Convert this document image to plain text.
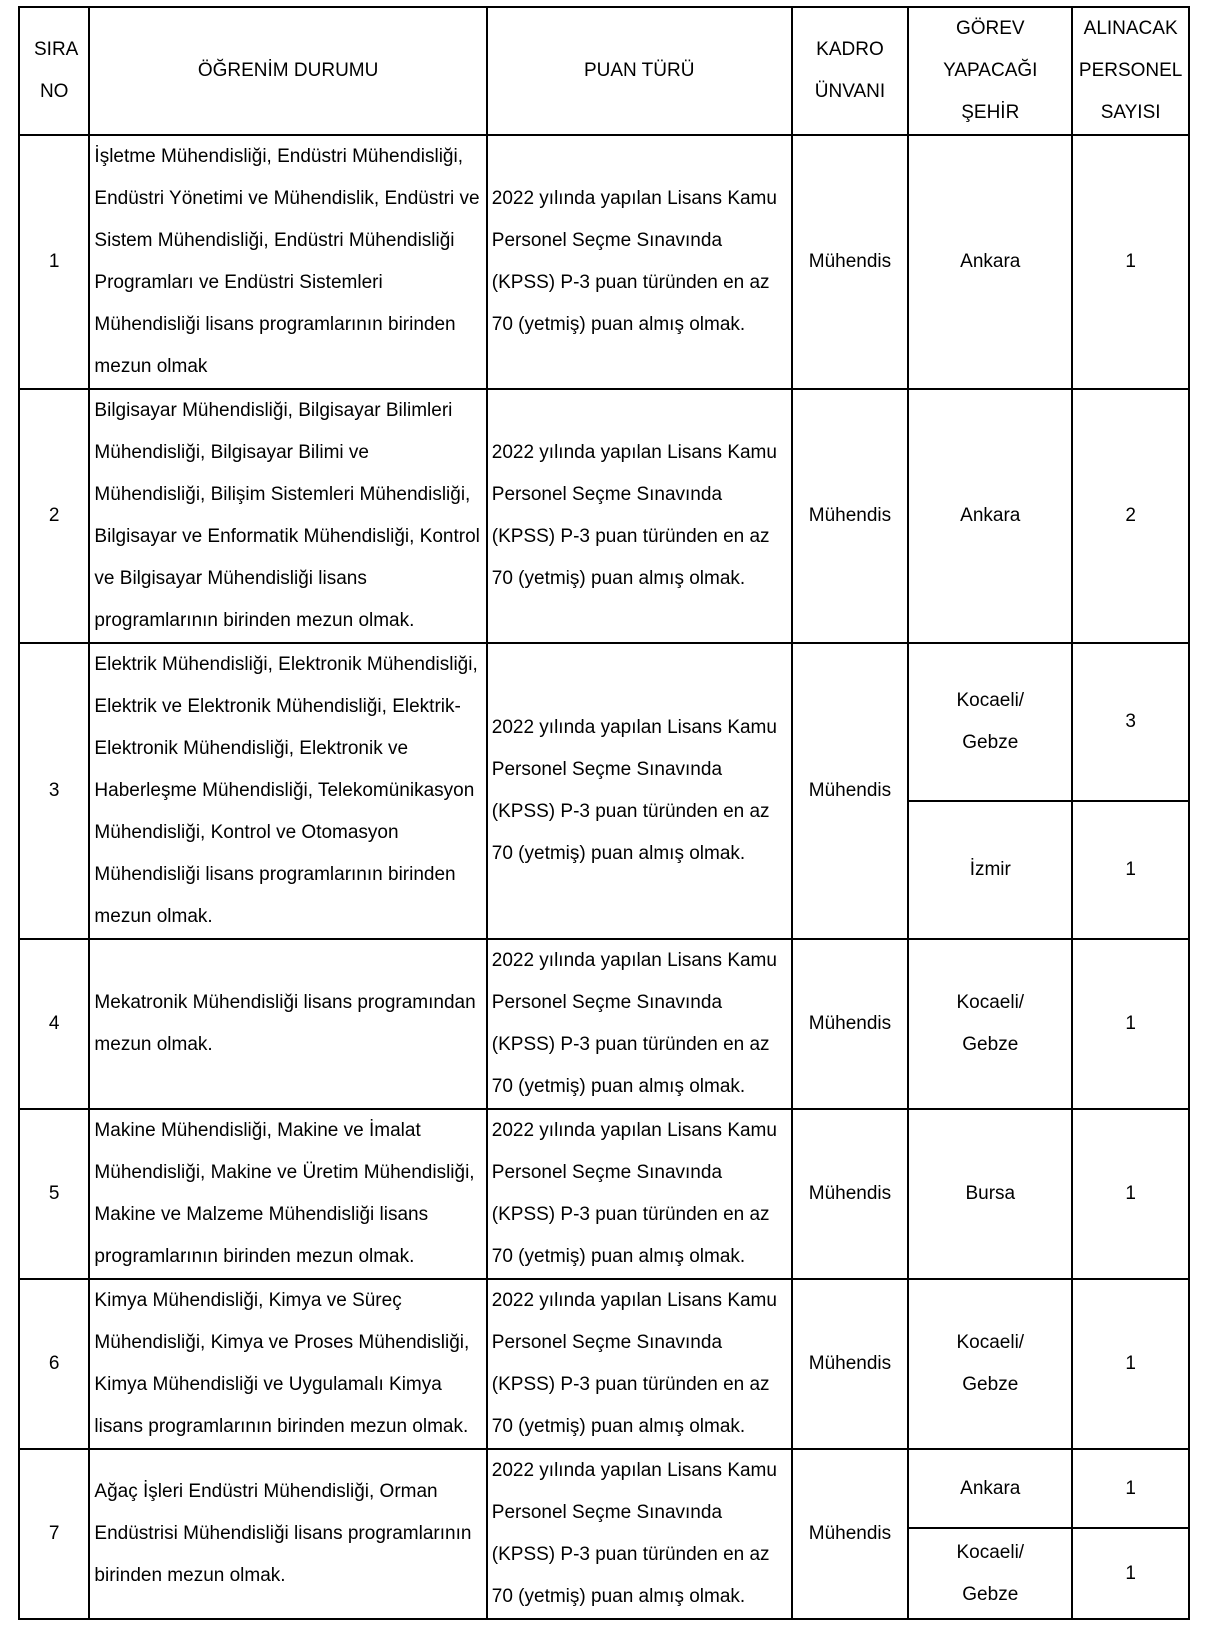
SIRA NO	ÖĞRENİM DURUMU	PUAN TÜRÜ	KADRO ÜNVANI	GÖREV YAPACAĞI ŞEHİR	ALINACAK PERSONEL SAYISI
1	İşletme Mühendisliği, Endüstri Mühendisliği, Endüstri Yönetimi ve Mühendislik, Endüstri ve Sistem Mühendisliği, Endüstri Mühendisliği Programları ve Endüstri Sistemleri Mühendisliği lisans programlarının birinden mezun olmak	2022 yılında yapılan Lisans Kamu Personel Seçme Sınavında (KPSS) P-3 puan türünden en az 70 (yetmiş) puan almış olmak.	Mühendis	Ankara	1
2	Bilgisayar Mühendisliği, Bilgisayar Bilimleri Mühendisliği, Bilgisayar Bilimi ve Mühendisliği, Bilişim Sistemleri Mühendisliği, Bilgisayar ve Enformatik Mühendisliği, Kontrol ve Bilgisayar Mühendisliği lisans programlarının birinden mezun olmak.	2022 yılında yapılan Lisans Kamu Personel Seçme Sınavında (KPSS) P-3 puan türünden en az 70 (yetmiş) puan almış olmak.	Mühendis	Ankara	2
3	Elektrik Mühendisliği, Elektronik Mühendisliği, Elektrik ve Elektronik Mühendisliği, Elektrik-Elektronik Mühendisliği, Elektronik ve Haberleşme Mühendisliği, Telekomünikasyon Mühendisliği, Kontrol ve Otomasyon Mühendisliği lisans programlarının birinden mezun olmak.	2022 yılında yapılan Lisans Kamu Personel Seçme Sınavında (KPSS) P-3 puan türünden en az 70 (yetmiş) puan almış olmak.	Mühendis	Kocaeli/ Gebze	3
				İzmir	1
4	Mekatronik Mühendisliği lisans programından mezun olmak.	2022 yılında yapılan Lisans Kamu Personel Seçme Sınavında (KPSS) P-3 puan türünden en az 70 (yetmiş) puan almış olmak.	Mühendis	Kocaeli/ Gebze	1
5	Makine Mühendisliği, Makine ve İmalat Mühendisliği, Makine ve Üretim Mühendisliği, Makine ve Malzeme Mühendisliği lisans programlarının birinden mezun olmak.	2022 yılında yapılan Lisans Kamu Personel Seçme Sınavında (KPSS) P-3 puan türünden en az 70 (yetmiş) puan almış olmak.	Mühendis	Bursa	1
6	Kimya Mühendisliği, Kimya ve Süreç Mühendisliği, Kimya ve Proses Mühendisliği, Kimya Mühendisliği ve Uygulamalı Kimya lisans programlarının birinden mezun olmak.	2022 yılında yapılan Lisans Kamu Personel Seçme Sınavında (KPSS) P-3 puan türünden en az 70 (yetmiş) puan almış olmak.	Mühendis	Kocaeli/ Gebze	1
7	Ağaç İşleri Endüstri Mühendisliği, Orman Endüstrisi Mühendisliği lisans programlarının birinden mezun olmak.	2022 yılında yapılan Lisans Kamu Personel Seçme Sınavında (KPSS) P-3 puan türünden en az 70 (yetmiş) puan almış olmak.	Mühendis	Ankara	1
				Kocaeli/ Gebze	1
